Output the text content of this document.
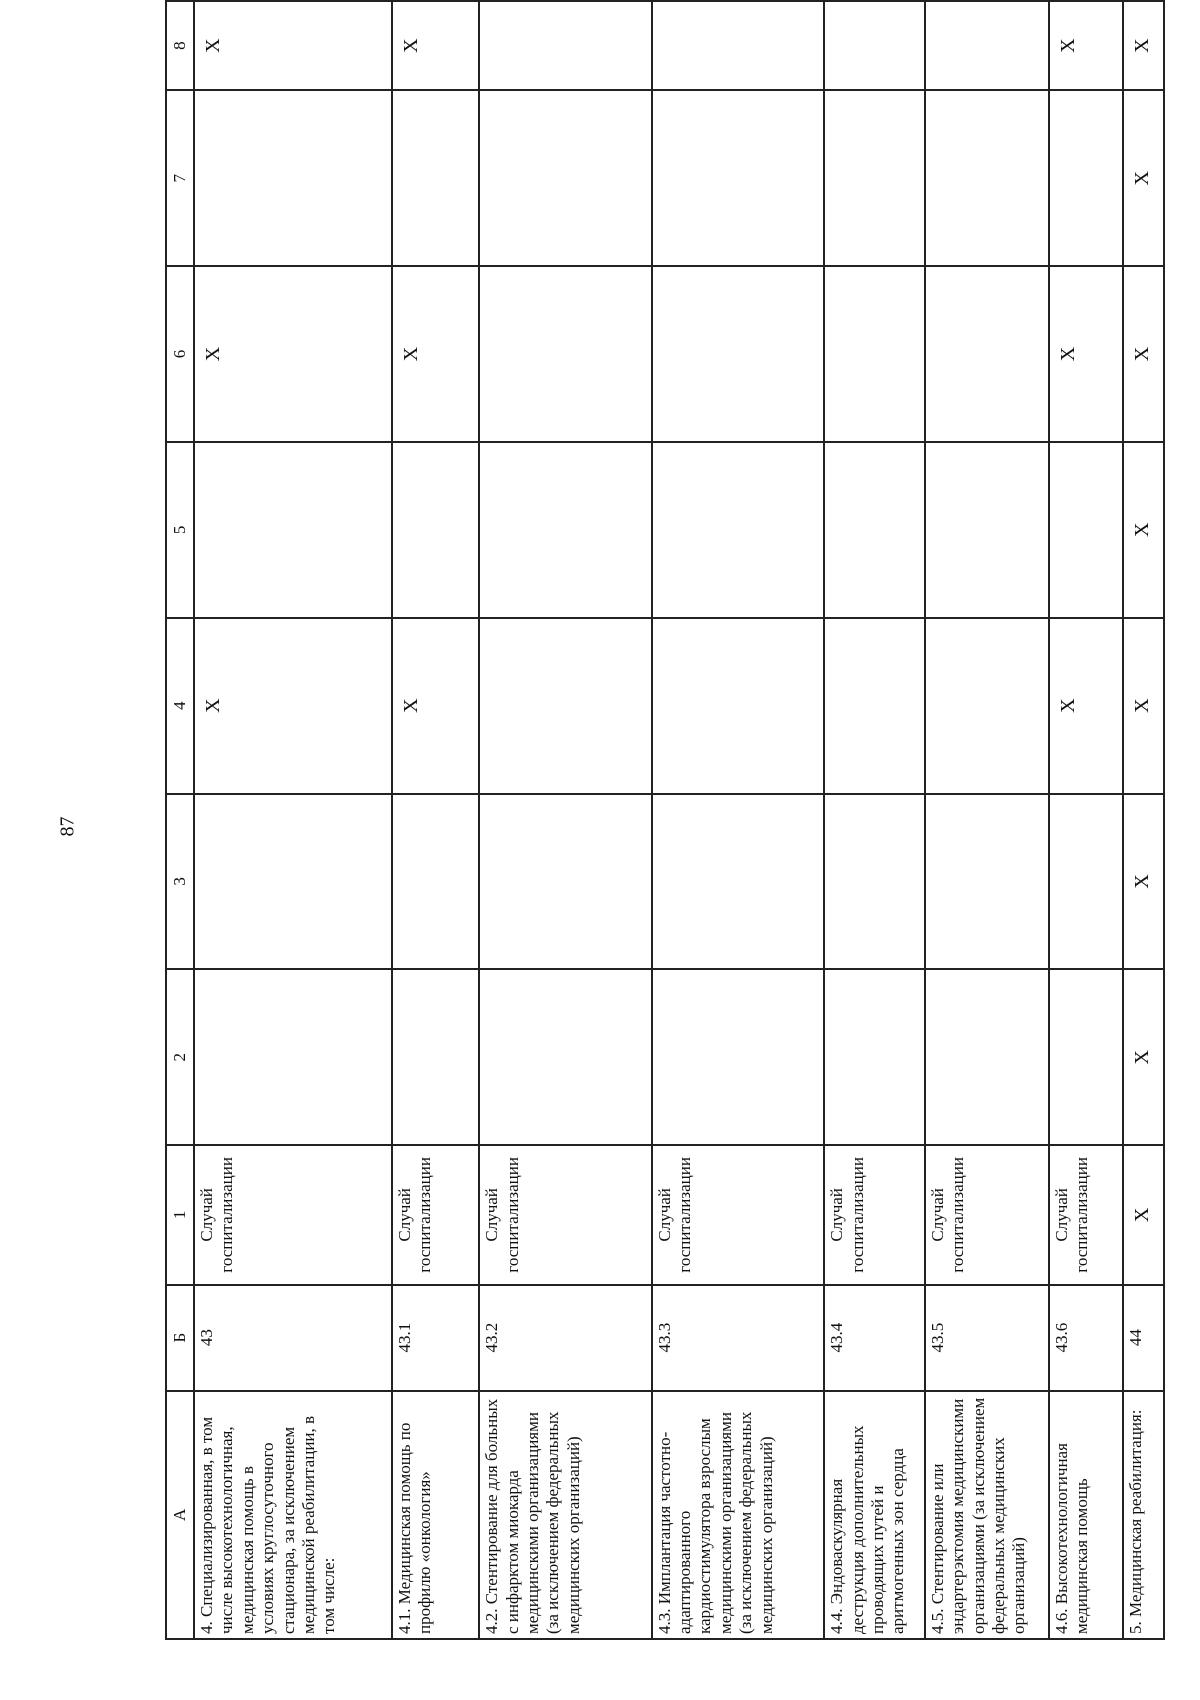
87
А	Б	1	2	3	4	5	6	7	8
4. Специализированная, в том числе высокотехнологичная, медицинская помощь в условиях круглосуточного стационара, за исключением медицинской реабилитации, в том числе:	43	Случай госпитализации			X		X		X
4.1. Медицинская помощь по профилю «онкология»	43.1	Случай госпитализации			X		X		X
4.2. Стентирование для больных с инфарктом миокарда медицинскими организациями (за исключением федеральных медицинских организаций)	43.2	Случай госпитализации							
4.3. Имплантация частотно-адаптированного кардиостимулятора взрослым медицинскими организациями (за исключением федеральных медицинских организаций)	43.3	Случай госпитализации							
4.4. Эндоваскулярная деструкция дополнительных проводящих путей и аритмогенных зон сердца	43.4	Случай госпитализации							
4.5. Стентирование или эндартерэктомия медицинскими организациями (за исключением федеральных медицинских организаций)	43.5	Случай госпитализации							
4.6. Высокотехнологичная медицинская помощь	43.6	Случай госпитализации			X		X		X
5. Медицинская реабилитация:	44	X	X	X	X	X	X	X	X
